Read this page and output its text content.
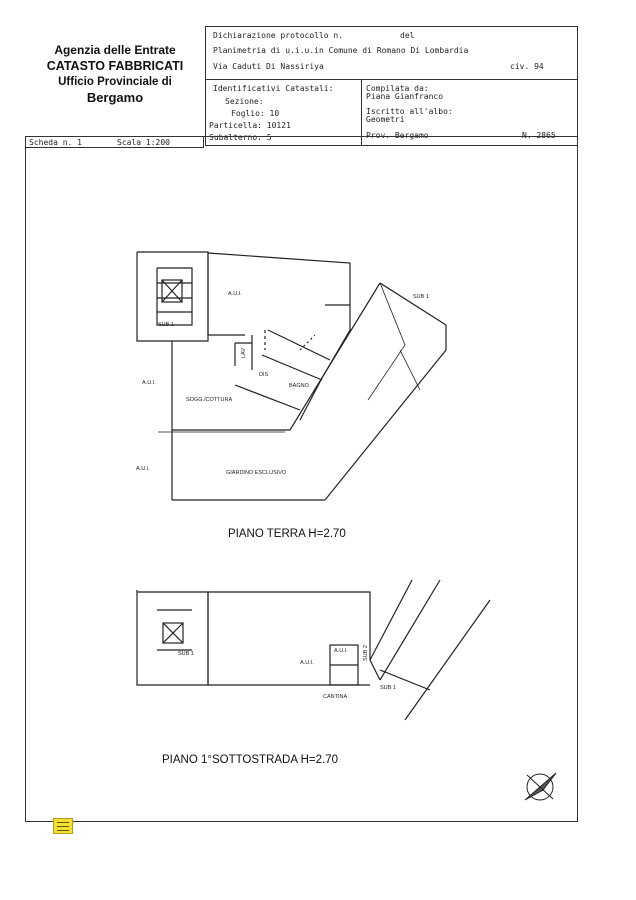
Agenzia delle Entrate
CATASTO FABBRICATI
Ufficio Provinciale di
Bergamo
Dichiarazione protocollo n.	del
Planimetria di u.i.u.in Comune di Romano Di Lombardia
Via Caduti Di Nassiriya	civ. 94
Identificativi Catastali:
Sezione:
Foglio: 10
Particella: 10121
Subalterno: 5
Compilata da:
Piana Gianfranco
Iscritto all'albo:
Geometri
Prov. Bergamo	N. 2865
Scheda n. 1	Scala 1:200
A.U.I.
SUB 1
SUB 1
A.U.I.
LAV
DIS
BAGNO
SOGG./COTTURA
A.U.I.
GIARDINO ESCLUSIVO
SUB 1
A.U.I.
A.U.I.	SUB 2
CANTINA
SUB 1
PIANO TERRA H=2.70
PIANO 1°SOTTOSTRADA H=2.70
